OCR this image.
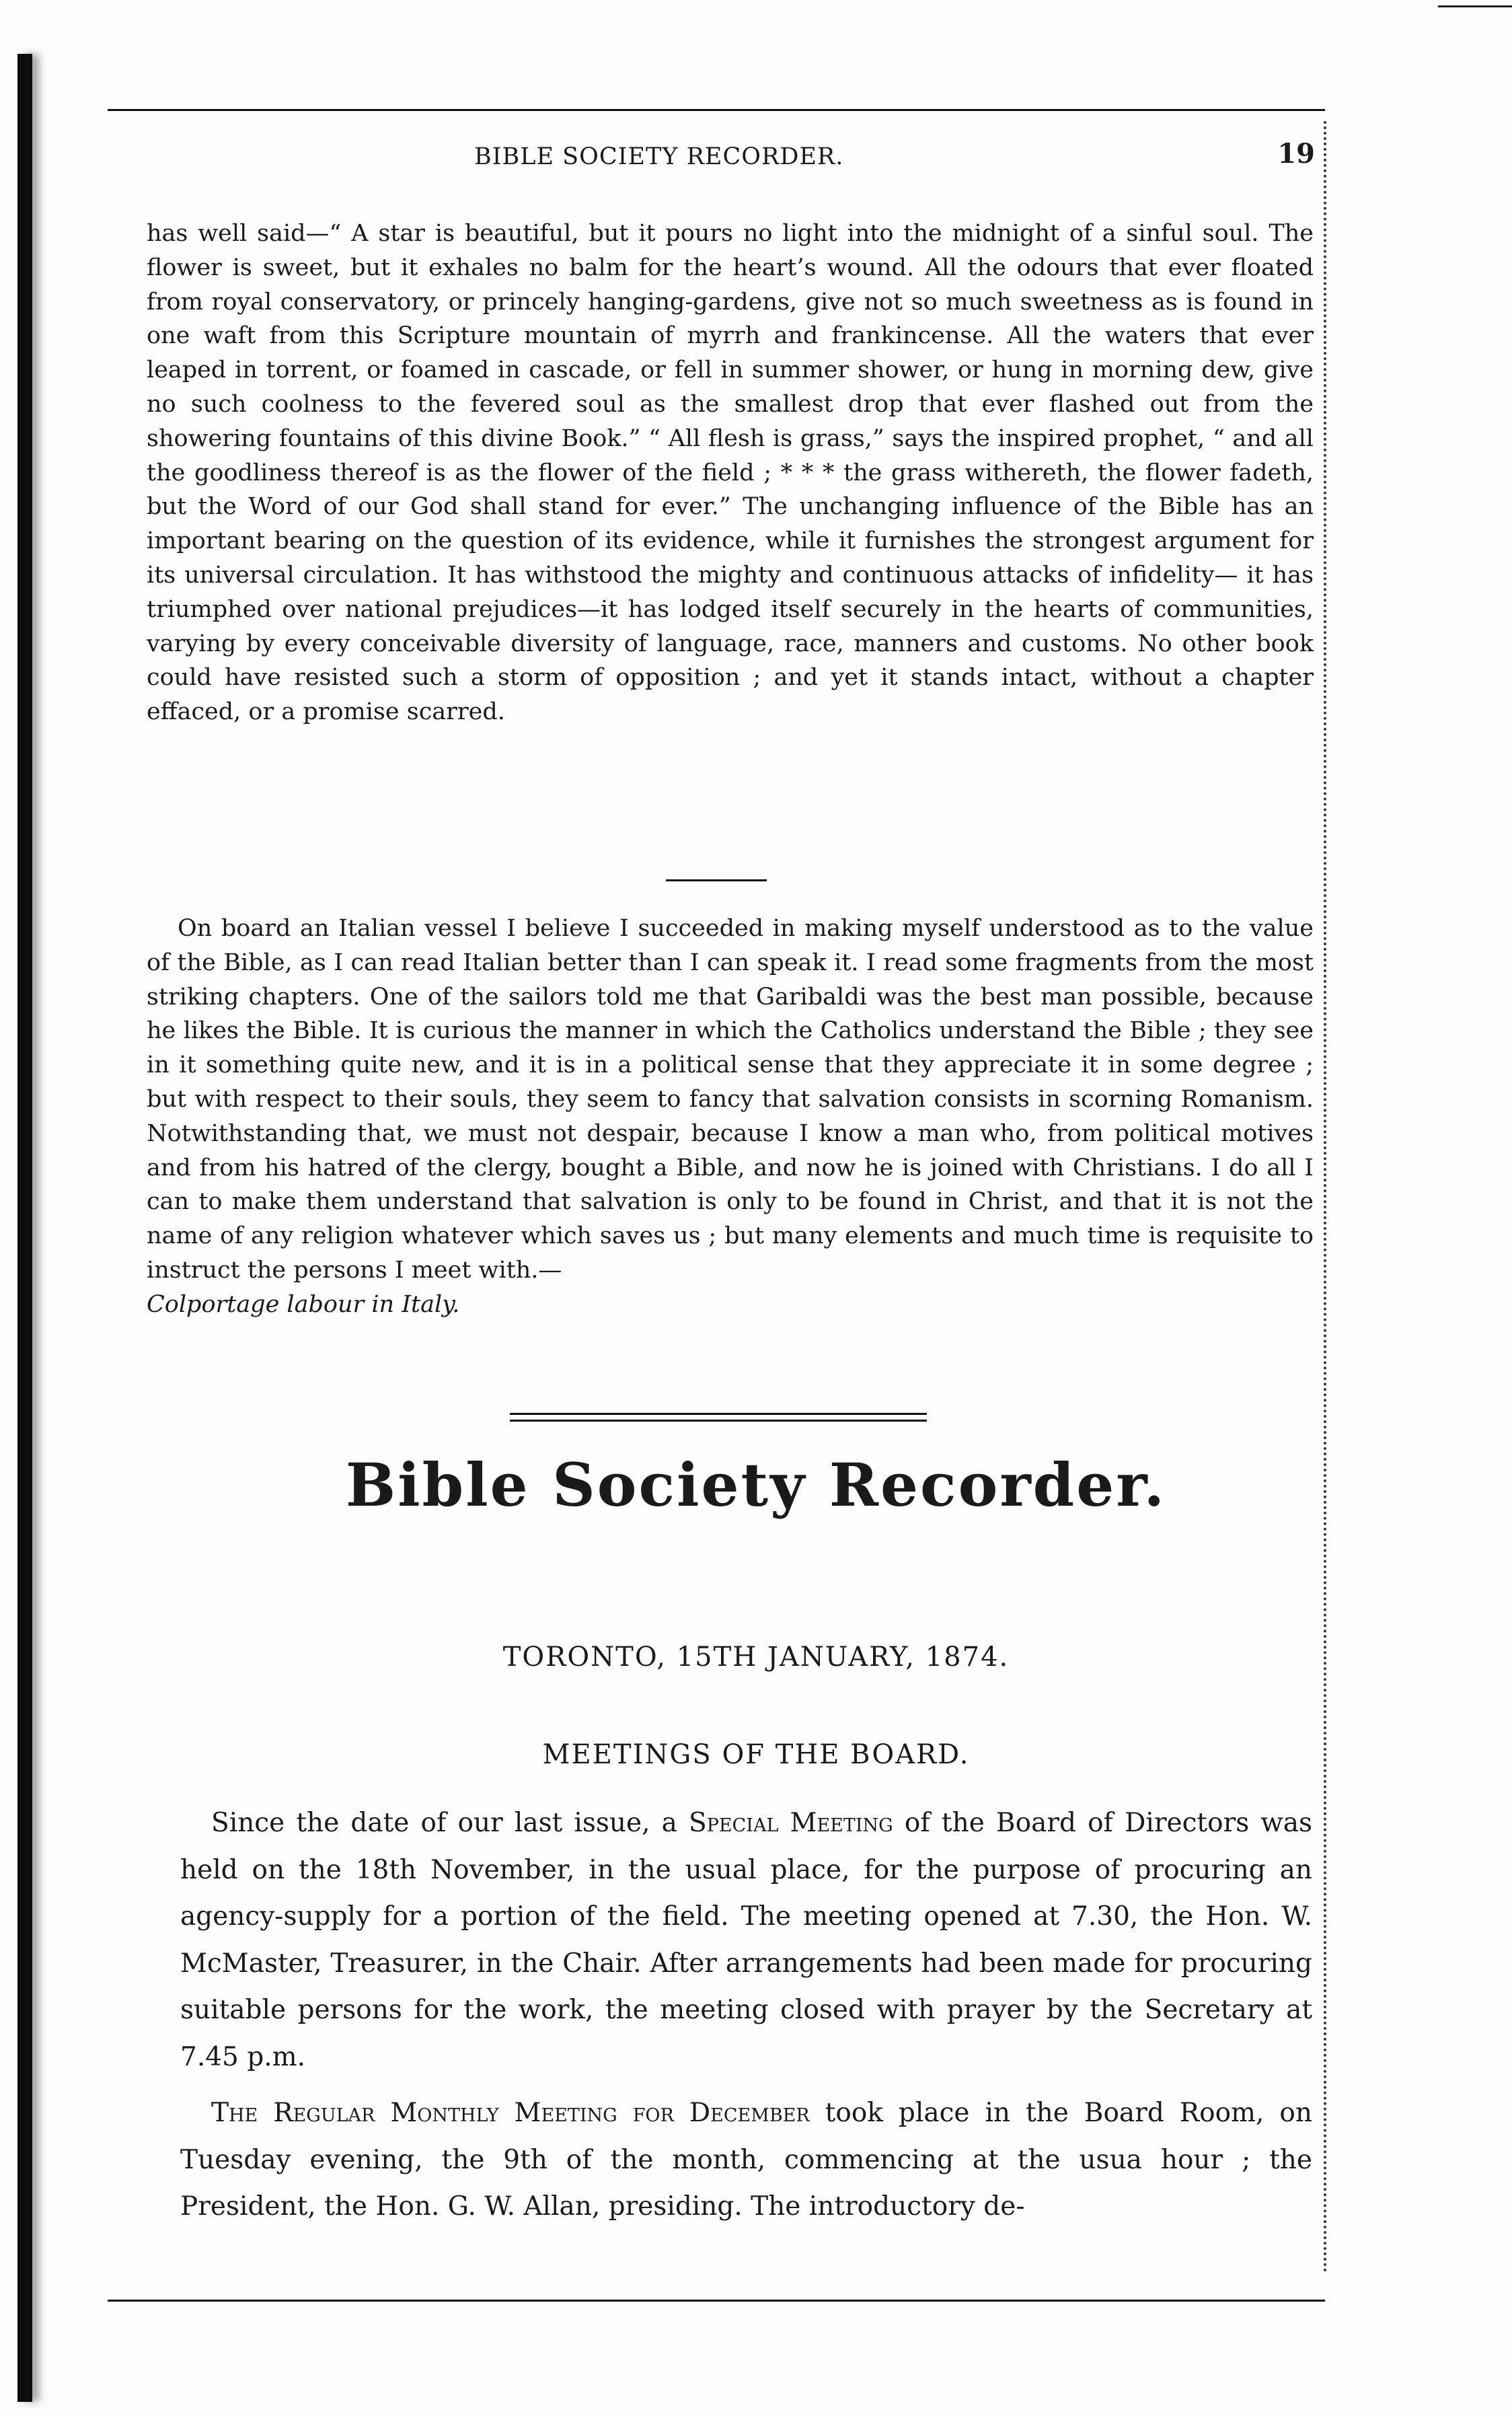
BIBLE SOCIETY RECORDER.	19

has well said—“ A star is beautiful, but it pours no light into the midnight of a sinful soul. The flower is sweet, but it exhales no balm for the heart’s wound. All the odours that ever floated from royal conservatory, or princely hanging-gardens, give not so much sweetness as is found in one waft from this Scripture mountain of myrrh and frankincense. All the waters that ever leaped in torrent, or foamed in cascade, or fell in summer shower, or hung in morning dew, give no such coolness to the fevered soul as the smallest drop that ever flashed out from the showering fountains of this divine Book.” “ All flesh is grass,” says the inspired prophet, “ and all the goodliness thereof is as the flower of the field ; * * * the grass withereth, the flower fadeth, but the Word of our God shall stand for ever.” The unchanging influence of the Bible has an important bearing on the question of its evidence, while it furnishes the strongest argument for its universal circulation. It has withstood the mighty and continuous attacks of infidelity— it has triumphed over national prejudices—it has lodged itself securely in the hearts of communities, varying by every conceivable diversity of language, race, manners and customs. No other book could have resisted such a storm of opposition ; and yet it stands intact, without a chapter effaced, or a promise scarred.

On board an Italian vessel I believe I succeeded in making myself understood as to the value of the Bible, as I can read Italian better than I can speak it. I read some fragments from the most striking chapters. One of the sailors told me that Garibaldi was the best man possible, because he likes the Bible. It is curious the manner in which the Catholics understand the Bible ; they see in it something quite new, and it is in a political sense that they appreciate it in some degree ; but with respect to their souls, they seem to fancy that salvation consists in scorning Romanism. Notwithstanding that, we must not despair, because I know a man who, from political motives and from his hatred of the clergy, bought a Bible, and now he is joined with Christians. I do all I can to make them understand that salvation is only to be found in Christ, and that it is not the name of any religion whatever which saves us ; but many elements and much time is requisite to instruct the persons I meet with.—
Colportage labour in Italy.

Bible Society Recorder.
TORONTO, 15TH JANUARY, 1874.
MEETINGS OF THE BOARD.

Since the date of our last issue, a Special Meeting of the Board of Directors was held on the 18th November, in the usual place, for the purpose of procuring an agency-supply for a portion of the field. The meeting opened at 7.30, the Hon. W. McMaster, Treasurer, in the Chair. After arrangements had been made for procuring suitable persons for the work, the meeting closed with prayer by the Secretary at 7.45 p.m.

The Regular Monthly Meeting for December took place in the Board Room, on Tuesday evening, the 9th of the month, commencing at the usua hour ; the President, the Hon. G. W. Allan, presiding. The introductory de-
